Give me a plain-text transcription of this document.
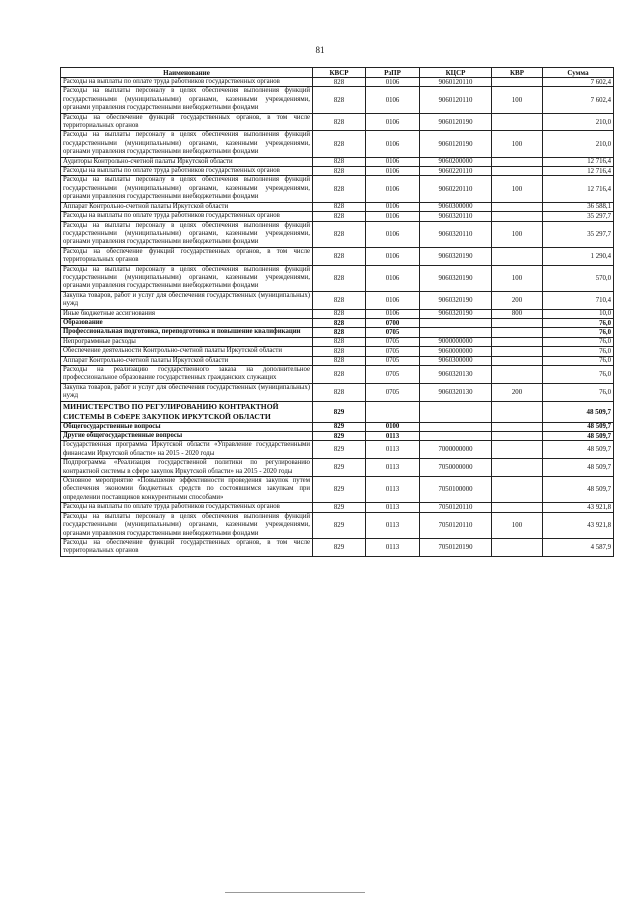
81
Наименование	КВСР	РзПР	КЦСР	КВР	Сумма
Расходы на выплаты по оплате труда работников государственных органов	828	0106	9060120110		7 602,4
Расходы на выплаты персоналу в целях обеспечения выполнения функций государственными (муниципальными) органами, казенными учреждениями, органами управления государственными внебюджетными фондами	828	0106	9060120110	100	7 602,4
Расходы на обеспечение функций государственных органов, в том числе территориальных органов	828	0106	9060120190		210,0
Расходы на выплаты персоналу в целях обеспечения выполнения функций государственными (муниципальными) органами, казенными учреждениями, органами управления государственными внебюджетными фондами	828	0106	9060120190	100	210,0
Аудиторы Контрольно-счетной палаты Иркутской области	828	0106	9060200000		12 716,4
Расходы на выплаты по оплате труда работников государственных органов	828	0106	9060220110		12 716,4
Расходы на выплаты персоналу в целях обеспечения выполнения функций государственными (муниципальными) органами, казенными учреждениями, органами управления государственными внебюджетными фондами	828	0106	9060220110	100	12 716,4
Аппарат Контрольно-счетной палаты Иркутской области	828	0106	9060300000		36 588,1
Расходы на выплаты по оплате труда работников государственных органов	828	0106	9060320110		35 297,7
Расходы на выплаты персоналу в целях обеспечения выполнения функций государственными (муниципальными) органами, казенными учреждениями, органами управления государственными внебюджетными фондами	828	0106	9060320110	100	35 297,7
Расходы на обеспечение функций государственных органов, в том числе территориальных органов	828	0106	9060320190		1 290,4
Расходы на выплаты персоналу в целях обеспечения выполнения функций государственными (муниципальными) органами, казенными учреждениями, органами управления государственными внебюджетными фондами	828	0106	9060320190	100	570,0
Закупка товаров, работ и услуг для обеспечения государственных (муниципальных) нужд	828	0106	9060320190	200	710,4
Иные бюджетные ассигнования	828	0106	9060320190	800	10,0
Образование	828	0700			76,0
Профессиональная подготовка, переподготовка и повышение квалификации	828	0705			76,0
Непрограммные расходы	828	0705	9000000000		76,0
Обеспечение деятельности Контрольно-счетной палаты Иркутской области	828	0705	9060000000		76,0
Аппарат Контрольно-счетной палаты Иркутской области	828	0705	9060300000		76,0
Расходы на реализацию государственного заказа на дополнительное профессиональное образование государственных гражданских служащих	828	0705	9060320130		76,0
Закупка товаров, работ и услуг для обеспечения государственных (муниципальных) нужд	828	0705	9060320130	200	76,0
МИНИСТЕРСТВО ПО РЕГУЛИРОВАНИЮ КОНТРАКТНОЙ СИСТЕМЫ В СФЕРЕ ЗАКУПОК ИРКУТСКОЙ ОБЛАСТИ	829				48 509,7
Общегосударственные вопросы	829	0100			48 509,7
Другие общегосударственные вопросы	829	0113			48 509,7
Государственная программа Иркутской области «Управление государственными финансами Иркутской области» на 2015 - 2020 годы	829	0113	7000000000		48 509,7
Подпрограмма «Реализация государственной политики по регулированию контрактной системы в сфере закупок Иркутской области» на 2015 - 2020 годы	829	0113	7050000000		48 509,7
Основное мероприятие «Повышение эффективности проведения закупок путем обеспечения экономии бюджетных средств по состоявшимся закупкам при определении поставщиков конкурентными способами»	829	0113	7050100000		48 509,7
Расходы на выплаты по оплате труда работников государственных органов	829	0113	7050120110		43 921,8
Расходы на выплаты персоналу в целях обеспечения выполнения функций государственными (муниципальными) органами, казенными учреждениями, органами управления государственными внебюджетными фондами	829	0113	7050120110	100	43 921,8
Расходы на обеспечение функций государственных органов, в том числе территориальных органов	829	0113	7050120190		4 587,9
